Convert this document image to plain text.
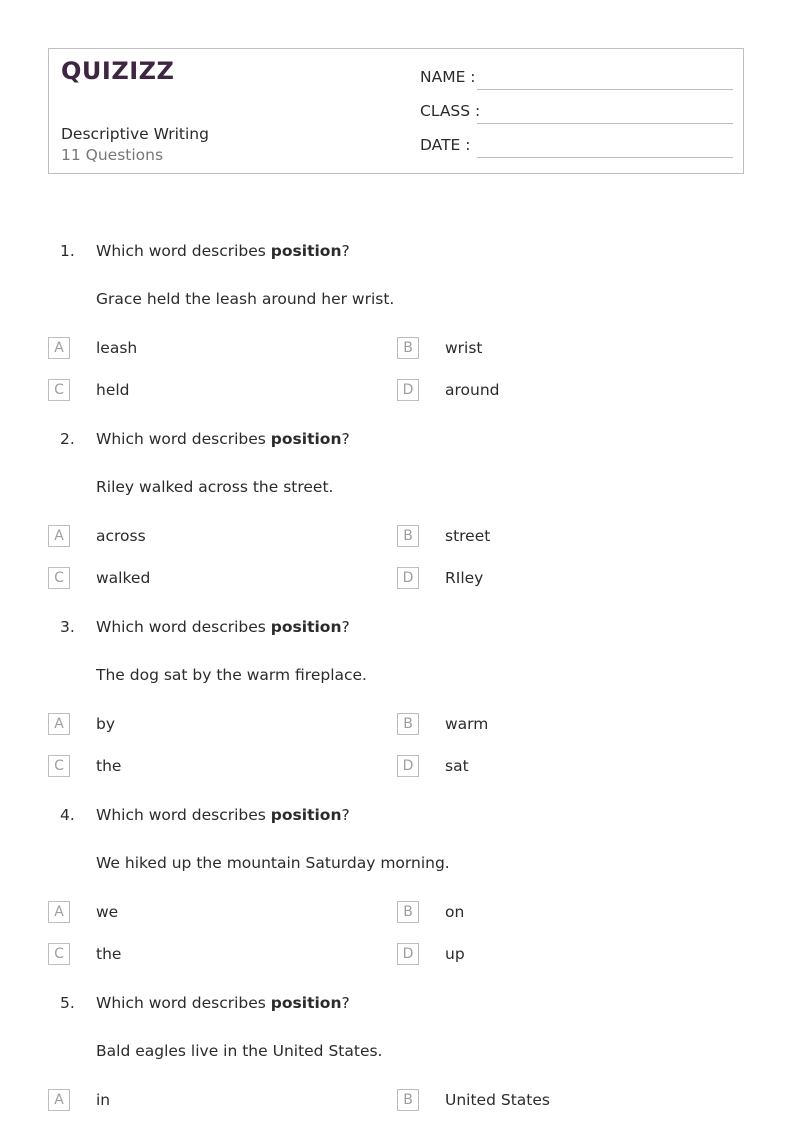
QUIZIZZ
Descriptive Writing
11 Questions
NAME :
CLASS :
DATE :
1. Which word describes position?
Grace held the leash around her wrist.
A	leash	B	wrist
C	held	D	around
2. Which word describes position?
Riley walked across the street.
A	across	B	street
C	walked	D	RIley
3. Which word describes position?
The dog sat by the warm fireplace.
A	by	B	warm
C	the	D	sat
4. Which word describes position?
We hiked up the mountain Saturday morning.
A	we	B	on
C	the	D	up
5. Which word describes position?
Bald eagles live in the United States.
A	in	B	United States
